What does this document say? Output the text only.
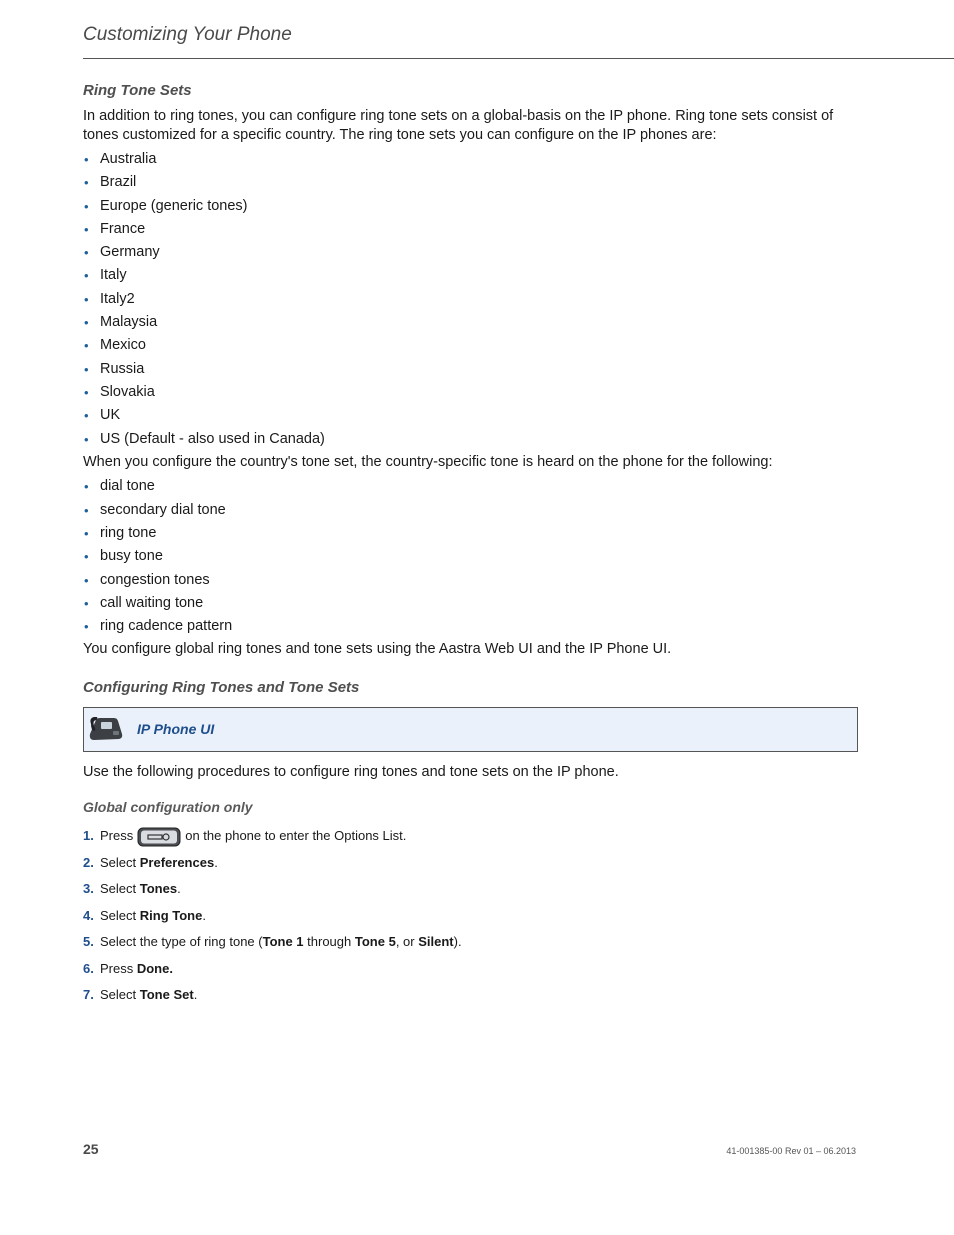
Customizing Your Phone
Ring Tone Sets

In addition to ring tones, you can configure ring tone sets on a global-basis on the IP phone. Ring tone sets consist of tones customized for a specific country. The ring tone sets you can configure on the IP phones are:

• Australia
• Brazil
• Europe (generic tones)
• France
• Germany
• Italy
• Italy2
• Malaysia
• Mexico
• Russia
• Slovakia
• UK
• US (Default - also used in Canada)

When you configure the country's tone set, the country-specific tone is heard on the phone for the following:

• dial tone
• secondary dial tone
• ring tone
• busy tone
• congestion tones
• call waiting tone
• ring cadence pattern

You configure global ring tones and tone sets using the Aastra Web UI and the IP Phone UI.

Configuring Ring Tones and Tone Sets
IP Phone UI

Use the following procedures to configure ring tones and tone sets on the IP phone.

Global configuration only
1. Press	on the phone to enter the Options List.
2. Select Preferences .
3. Select Tones .
4. Select Ring Tone .
5. Select the type of ring tone ( Tone 1 through Tone 5 , or Silent ).
6. Press Done.
7. Select Tone Set .
25	41-001385-00 Rev 01 – 06.2013
